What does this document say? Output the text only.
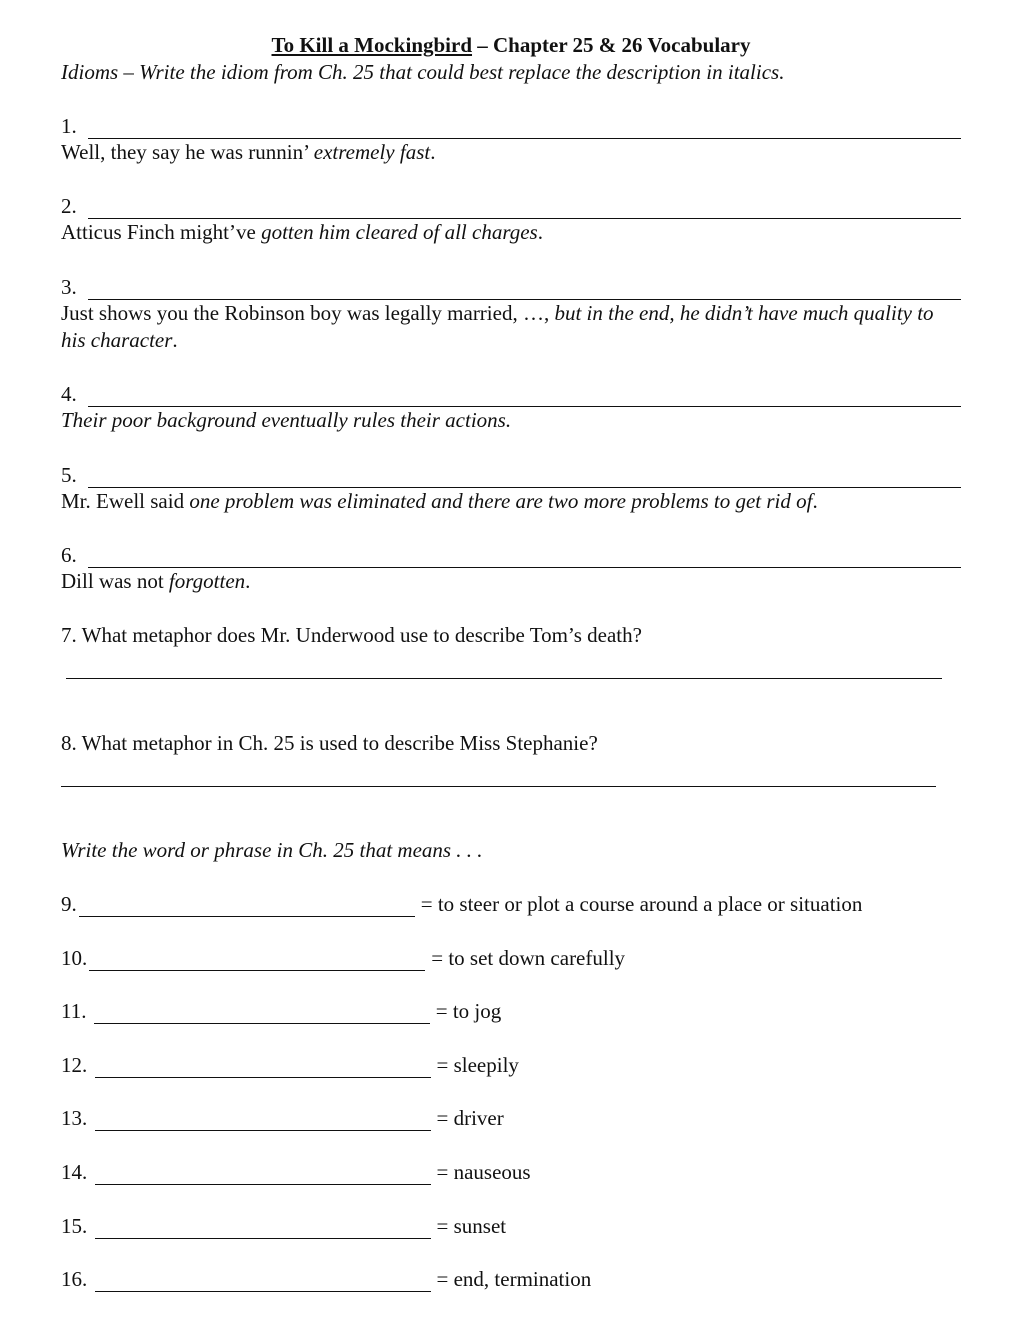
To Kill a Mockingbird – Chapter 25 & 26 Vocabulary
Idioms – Write the idiom from Ch. 25 that could best replace the description in italics.
1.
Well, they say he was runnin’ extremely fast.
2.
Atticus Finch might’ve gotten him cleared of all charges.
3.
Just shows you the Robinson boy was legally married, …, but in the end, he didn’t have much quality to his character.
4.
Their poor background eventually rules their actions.
5.
Mr. Ewell said one problem was eliminated and there are two more problems to get rid of.
6.
Dill was not forgotten.
7. What metaphor does Mr. Underwood use to describe Tom’s death?
8. What metaphor in Ch. 25 is used to describe Miss Stephanie?
Write the word or phrase in Ch. 25 that means . . .
9.	= to steer or plot a course around a place or situation
10.	= to set down carefully
11.	= to jog
12.	= sleepily
13.	= driver
14.	= nauseous
15.	= sunset
16.	= end, termination
